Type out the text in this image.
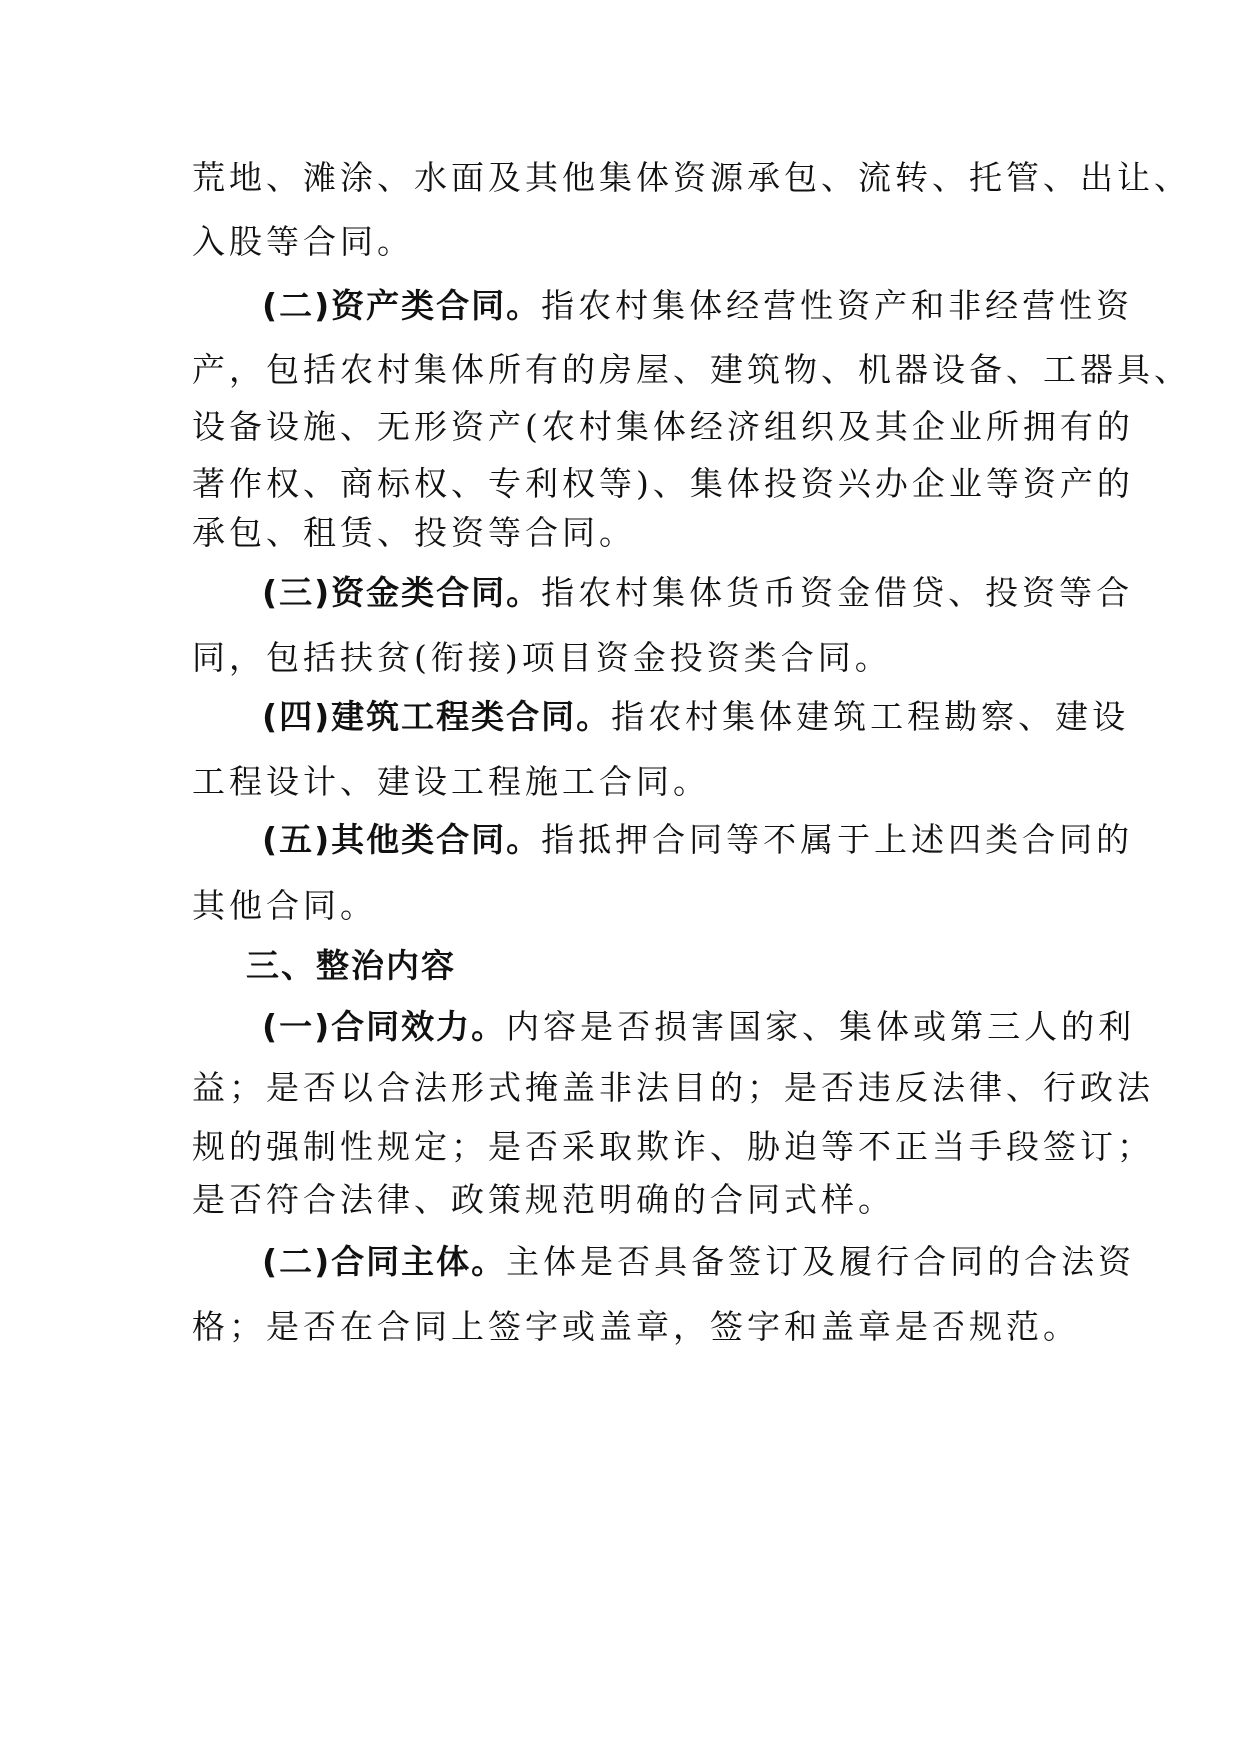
荒地、滩涂、水面及其他集体资源承包、流转、托管、出让、
入股等合同。
(二)资产类合同。指农村集体经营性资产和非经营性资
产，包括农村集体所有的房屋、建筑物、机器设备、工器具、
设备设施、无形资产(农村集体经济组织及其企业所拥有的
著作权、商标权、专利权等)、集体投资兴办企业等资产的
承包、租赁、投资等合同。
(三)资金类合同。指农村集体货币资金借贷、投资等合
同，包括扶贫(衔接)项目资金投资类合同。
(四)建筑工程类合同。指农村集体建筑工程勘察、建设
工程设计、建设工程施工合同。
(五)其他类合同。指抵押合同等不属于上述四类合同的
其他合同。
三、整治内容
(一)合同效力。内容是否损害国家、集体或第三人的利
益；是否以合法形式掩盖非法目的；是否违反法律、行政法
规的强制性规定；是否采取欺诈、胁迫等不正当手段签订；
是否符合法律、政策规范明确的合同式样。
(二)合同主体。主体是否具备签订及履行合同的合法资
格；是否在合同上签字或盖章，签字和盖章是否规范。
